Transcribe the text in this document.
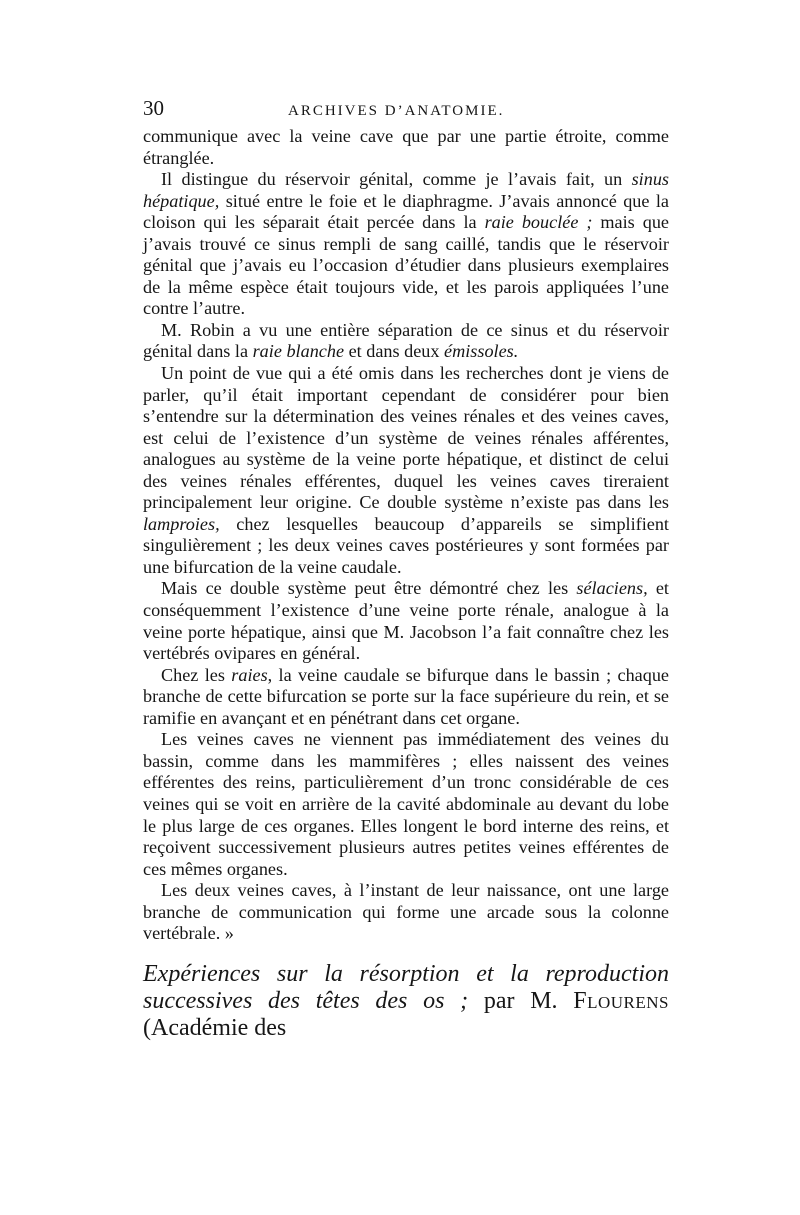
30	ARCHIVES D’ANATOMIE.

communique avec la veine cave que par une partie étroite, comme étranglée.

Il distingue du réservoir génital, comme je l’avais fait, un sinus hépatique, situé entre le foie et le diaphragme. J’avais annoncé que la cloison qui les séparait était percée dans la raie bouclée ; mais que j’avais trouvé ce sinus rempli de sang caillé, tandis que le réservoir génital que j’avais eu l’occasion d’étudier dans plusieurs exemplaires de la même espèce était toujours vide, et les parois appliquées l’une contre l’autre.

M. Robin a vu une entière séparation de ce sinus et du réservoir génital dans la raie blanche et dans deux émissoles.

Un point de vue qui a été omis dans les recherches dont je viens de parler, qu’il était important cependant de considérer pour bien s’entendre sur la détermination des veines rénales et des veines caves, est celui de l’existence d’un système de veines rénales afférentes, analogues au système de la veine porte hépatique, et distinct de celui des veines rénales efférentes, duquel les veines caves tireraient principalement leur origine. Ce double système n’existe pas dans les lamproies, chez lesquelles beaucoup d’appareils se simplifient singulièrement ; les deux veines caves postérieures y sont formées par une bifurcation de la veine caudale.

Mais ce double système peut être démontré chez les sélaciens, et conséquemment l’existence d’une veine porte rénale, analogue à la veine porte hépatique, ainsi que M. Jacobson l’a fait connaître chez les vertébrés ovipares en général.

Chez les raies, la veine caudale se bifurque dans le bassin ; chaque branche de cette bifurcation se porte sur la face supérieure du rein, et se ramifie en avançant et en pénétrant dans cet organe.

Les veines caves ne viennent pas immédiatement des veines du bassin, comme dans les mammifères ; elles naissent des veines efférentes des reins, particulièrement d’un tronc considérable de ces veines qui se voit en arrière de la cavité abdominale au devant du lobe le plus large de ces organes. Elles longent le bord interne des reins, et reçoivent successivement plusieurs autres petites veines efférentes de ces mêmes organes.

Les deux veines caves, à l’instant de leur naissance, ont une large branche de communication qui forme une arcade sous la colonne vertébrale. »

Expériences sur la résorption et la reproduction successives des têtes des os ; par M. Flourens (Académie des
